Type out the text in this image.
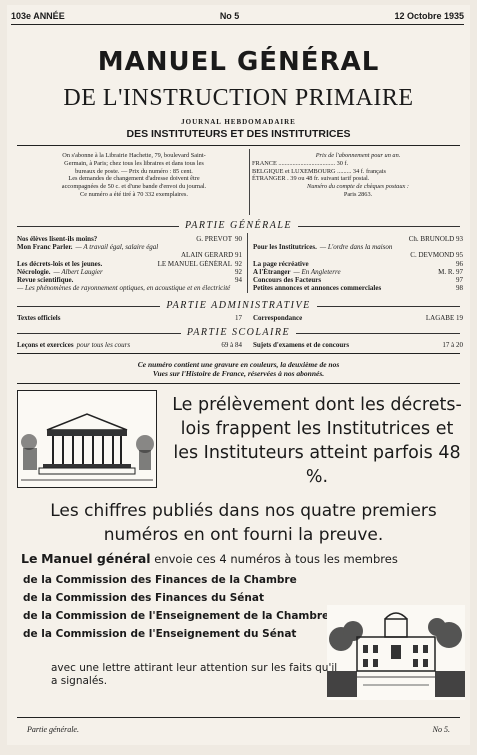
103e ANNÉE	No 5	12 Octobre 1935
MANUEL GÉNÉRAL
DE L'INSTRUCTION PRIMAIRE
JOURNAL HEBDOMADAIRE
DES INSTITUTEURS ET DES INSTITUTRICES
On s'abonne à la Librairie Hachette, 79, boulevard Saint-
Germain, à Paris; chez tous les libraires et dans tous les
bureaux de poste. — Prix du numéro : 85 cent.
Les demandes de changement d'adresse doivent être
accompagnées de 50 c. et d'une bande d'envoi du journal.
Ce numéro a été tiré à 70 332 exemplaires.
Prix de l'abonnement pour un an.
FRANCE .................................... 30 f.
BELGIQUE et LUXEMBOURG ......... 34 f. français
ÉTRANGER . 39 ou 48 fr. suivant tarif postal.
Numéro du compte de chèques postaux :
Paris 2863.
PARTIE GÉNÉRALE
Nos élèves lisent-ils moins?	G. PREVOT 90
Mon Franc Parler. — A travail égal, salaire égal
ALAIN GERARD 91
Les décrets-lois et les jeunes.	LE MANUEL GÉNÉRAL 92
Nécrologie. — Albert Laugier	92
Revue scientifique.	94
— Les phénomènes de rayonnement optiques, en acoustique et en électricité
Ch. BRUNOLD 93
Pour les Institutrices. — L'ordre dans la maison
C. DEVMOND 95
La page récréative	96
A l'Étranger — En Angleterre	M. R. 97
Concours des Facteurs	97
Petites annonces et annonces commerciales	98
PARTIE ADMINISTRATIVE
Textes officiels	17 Correspondance	LAGABE 19
PARTIE SCOLAIRE
Leçons et exercices pour tous les cours	69 à 84 Sujets d'examens et de concours	17 à 20
Ce numéro contient une gravure en couleurs, la deuxième de nos
Vues sur l'Histoire de France, réservées à nos abonnés.
Le prélèvement dont les décrets-lois frappent les Institutrices et les Instituteurs atteint parfois 48 %.
Les chiffres publiés dans nos quatre premiers numéros en ont fourni la preuve.
Le Manuel général envoie ces 4 numéros à tous les membres
de la Commission des Finances de la Chambre
de la Commission des Finances du Sénat
de la Commission de l'Enseignement de la Chambre
de la Commission de l'Enseignement du Sénat
avec une lettre attirant leur attention sur les faits qu'il a signalés.
Partie générale.	No 5.
